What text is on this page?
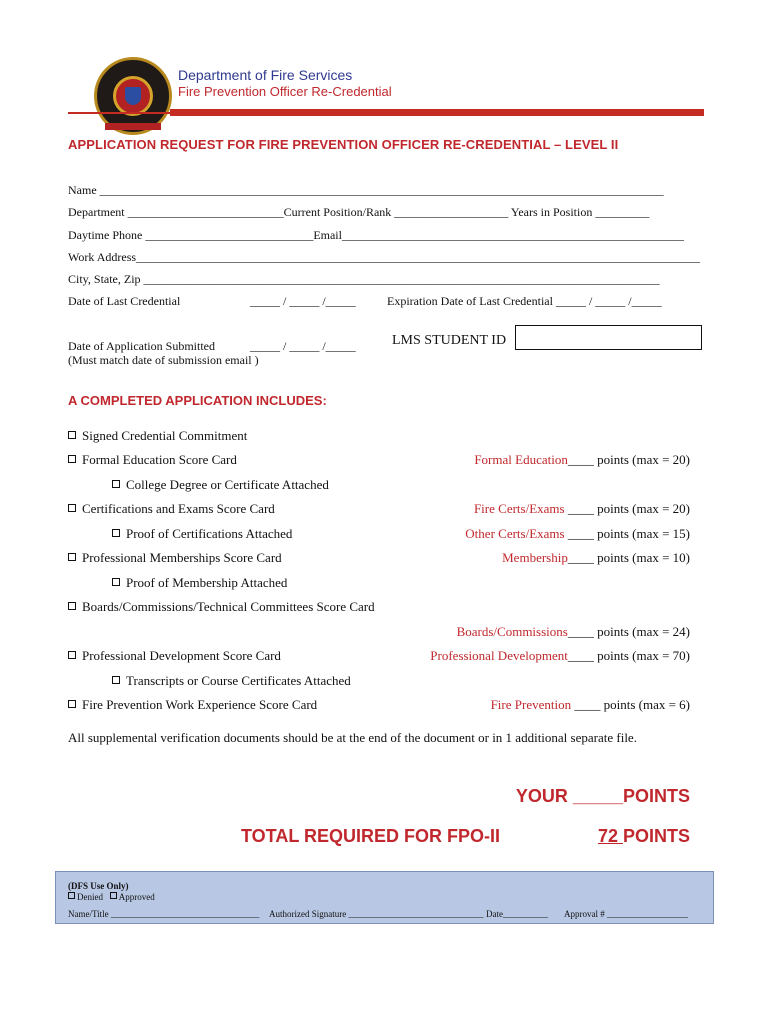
Department of Fire Services
Fire Prevention Officer Re-Credential
APPLICATION REQUEST FOR FIRE PREVENTION OFFICER RE-CREDENTIAL – LEVEL II
Name ______________________________________________________________________________________________
Department __________________________Current Position/Rank ___________________ Years in Position _________
Daytime Phone ____________________________Email_________________________________________________________
Work Address______________________________________________________________________________________________
City, State, Zip ______________________________________________________________________________________
Date of Last Credential	_____ / _____ /_____	Expiration Date of Last Credential _____ / _____ /_____
Date of Application Submitted	_____ / _____ /_____
(Must match date of submission email )
LMS STUDENT ID
A COMPLETED APPLICATION INCLUDES:
Signed Credential Commitment
Formal Education Score Card	Formal Education____ points (max = 20)
College Degree or Certificate Attached
Certifications and Exams Score Card	Fire Certs/Exams ____ points (max = 20)
Proof of Certifications Attached	Other Certs/Exams ____ points (max = 15)
Professional Memberships Score Card	Membership____ points (max = 10)
Proof of Membership Attached
Boards/Commissions/Technical Committees Score Card
Boards/Commissions____ points (max = 24)
Professional Development Score Card	Professional Development____ points (max = 70)
Transcripts or Course Certificates Attached
Fire Prevention Work Experience Score Card	Fire Prevention ____ points (max = 6)
All supplemental verification documents should be at the end of the document or in 1 additional separate file.
YOUR _____POINTS
TOTAL REQUIRED FOR FPO-II	72 POINTS
(DFS Use Only)
Denied Approved
Name/Title _________________________________ Authorized Signature ______________________________ Date__________ Approval # __________________
